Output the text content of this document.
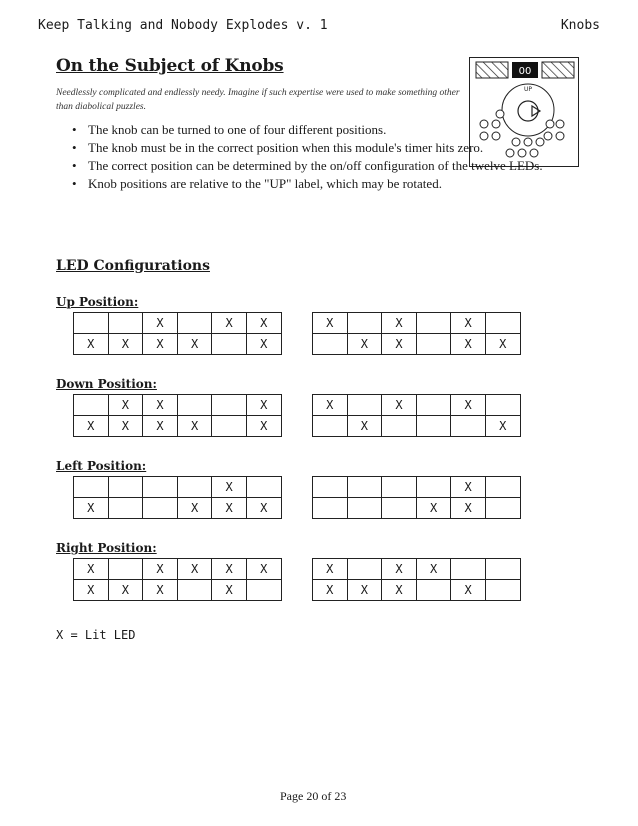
Keep Talking and Nobody Explodes v. 1	Knobs
On the Subject of Knobs
Needlessly complicated and endlessly needy. Imagine if such expertise were used to make something other than diabolical puzzles.
00
UP
• The knob can be turned to one of four different positions.
• The knob must be in the correct position when this module's timer hits zero.
• The correct position can be determined by the on/off configuration of the twelve LEDs.
• Knob positions are relative to the "UP" label, which may be rotated.
LED Configurations
Up Position:
		X		X	X
X	X	X	X		X
X		X		X	
	X	X		X	X
Down Position:
	X	X			X
X	X	X	X		X
X		X		X	
	X				X
Left Position:
				X	
X			X	X	X
				X	
			X	X	
Right Position:
X		X	X	X	X
X	X	X		X	
X		X	X		
X	X	X		X	
X = Lit LED
Page 20 of 23
